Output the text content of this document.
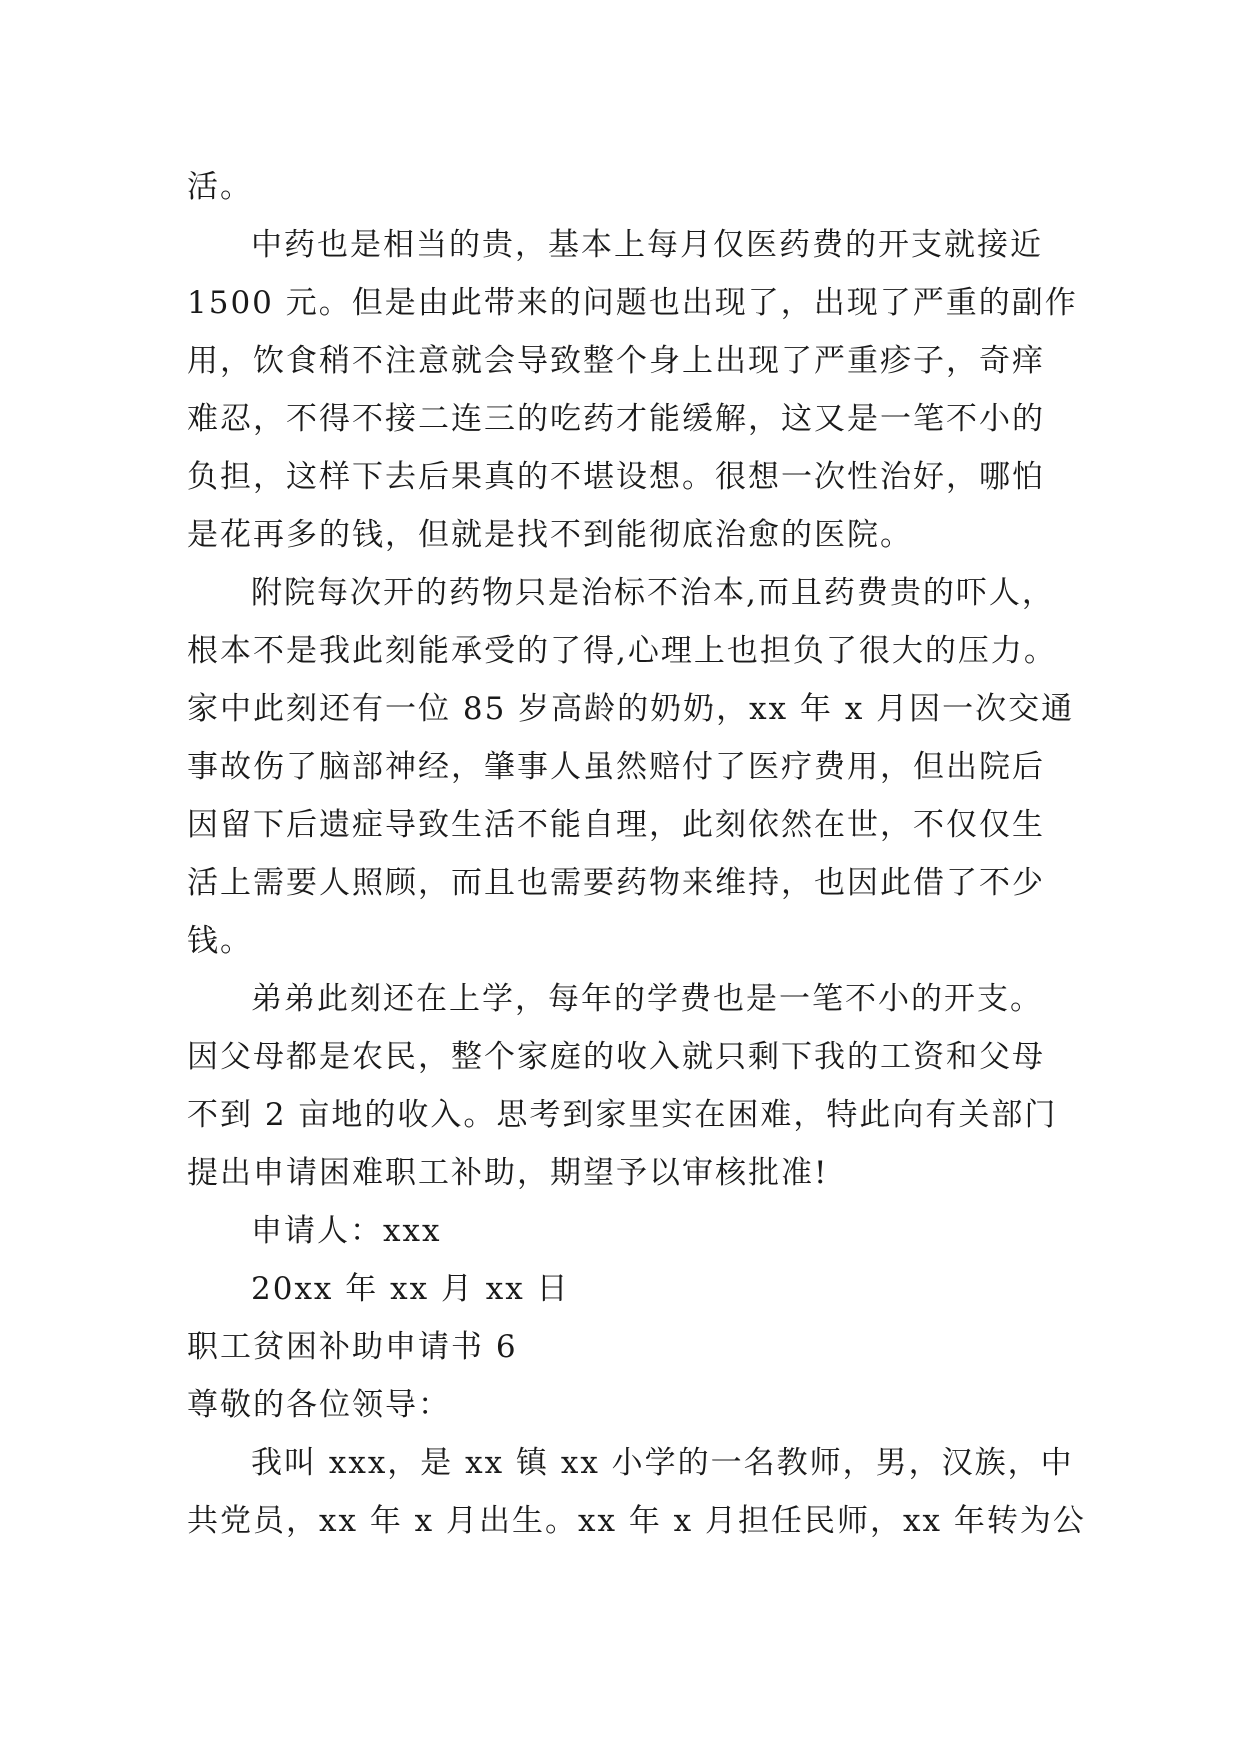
活。
中药也是相当的贵，基本上每月仅医药费的开支就接近
1500 元。但是由此带来的问题也出现了，出现了严重的副作
用，饮食稍不注意就会导致整个身上出现了严重疹子，奇痒
难忍，不得不接二连三的吃药才能缓解，这又是一笔不小的
负担，这样下去后果真的不堪设想。很想一次性治好，哪怕
是花再多的钱，但就是找不到能彻底治愈的医院。
附院每次开的药物只是治标不治本,而且药费贵的吓人，
根本不是我此刻能承受的了得,心理上也担负了很大的压力。
家中此刻还有一位 85 岁高龄的奶奶，xx 年 x 月因一次交通
事故伤了脑部神经，肇事人虽然赔付了医疗费用，但出院后
因留下后遗症导致生活不能自理，此刻依然在世，不仅仅生
活上需要人照顾，而且也需要药物来维持，也因此借了不少
钱。
弟弟此刻还在上学，每年的学费也是一笔不小的开支。
因父母都是农民，整个家庭的收入就只剩下我的工资和父母
不到 2 亩地的收入。思考到家里实在困难，特此向有关部门
提出申请困难职工补助，期望予以审核批准!
申请人：xxx
20xx 年 xx 月 xx 日
职工贫困补助申请书 6
尊敬的各位领导：
我叫 xxx，是 xx 镇 xx 小学的一名教师，男，汉族，中
共党员，xx 年 x 月出生。xx 年 x 月担任民师，xx 年转为公
